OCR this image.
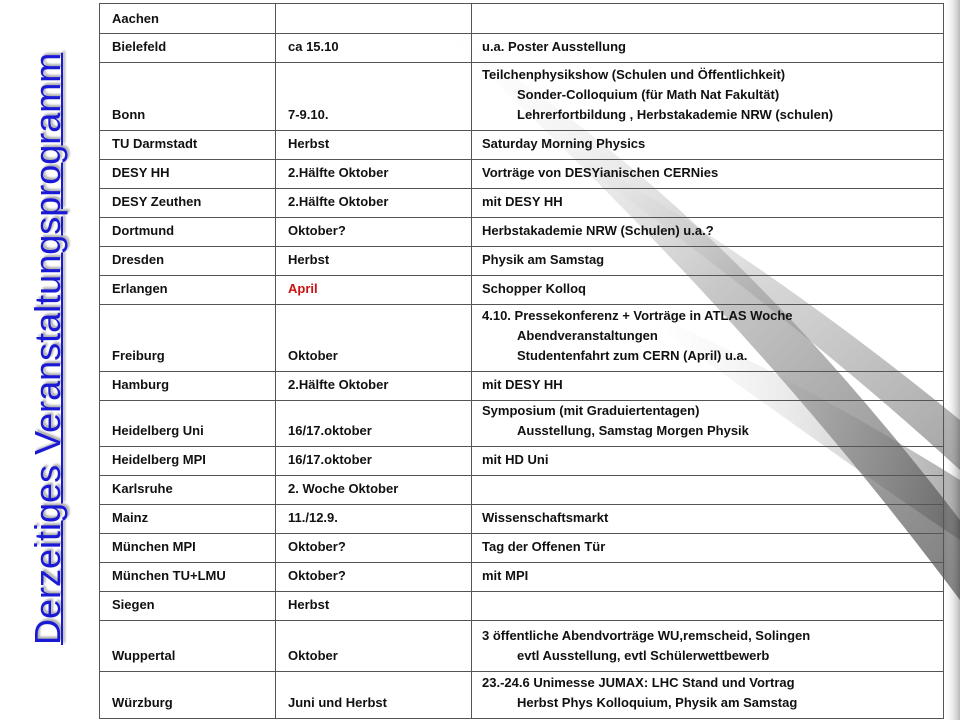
Derzeitiges Veranstaltungsprogramm
Aachen		
Bielefeld	ca 15.10	u.a. Poster Ausstellung

Bonn	7-9.10.	Teilchenphysikshow (Schulen und Öffentlichkeit)
Sonder-Colloquium (für Math Nat Fakultät)
Lehrerfortbildung , Herbstakademie NRW (schulen)

TU Darmstadt	Herbst	Saturday Morning Physics

DESY HH	2.Hälfte Oktober	Vorträge von DESYianischen CERNies

DESY Zeuthen	2.Hälfte Oktober	mit DESY HH

Dortmund	Oktober?	Herbstakademie NRW (Schulen) u.a.?

Dresden	Herbst	Physik am Samstag

Erlangen	April	Schopper Kolloq

Freiburg	Oktober	4.10. Pressekonferenz + Vorträge in ATLAS Woche
Abendveranstaltungen
Studentenfahrt zum CERN (April) u.a.

Hamburg	2.Hälfte Oktober	mit DESY HH

Heidelberg Uni	16/17.oktober	Symposium (mit Graduiertentagen)
Ausstellung, Samstag Morgen Physik

Heidelberg MPI	16/17.oktober	mit HD Uni

Karlsruhe	2. Woche Oktober	
Mainz	11./12.9.	Wissenschaftsmarkt

München MPI	Oktober?	Tag der Offenen Tür

München TU+LMU	Oktober?	mit MPI

Siegen	Herbst	
Wuppertal	Oktober	3 öffentliche Abendvorträge WU,remscheid, Solingen
evtl Ausstellung, evtl Schülerwettbewerb

Würzburg	Juni und Herbst	23.-24.6 Unimesse JUMAX: LHC Stand und Vortrag
Herbst Phys Kolloquium, Physik am Samstag
